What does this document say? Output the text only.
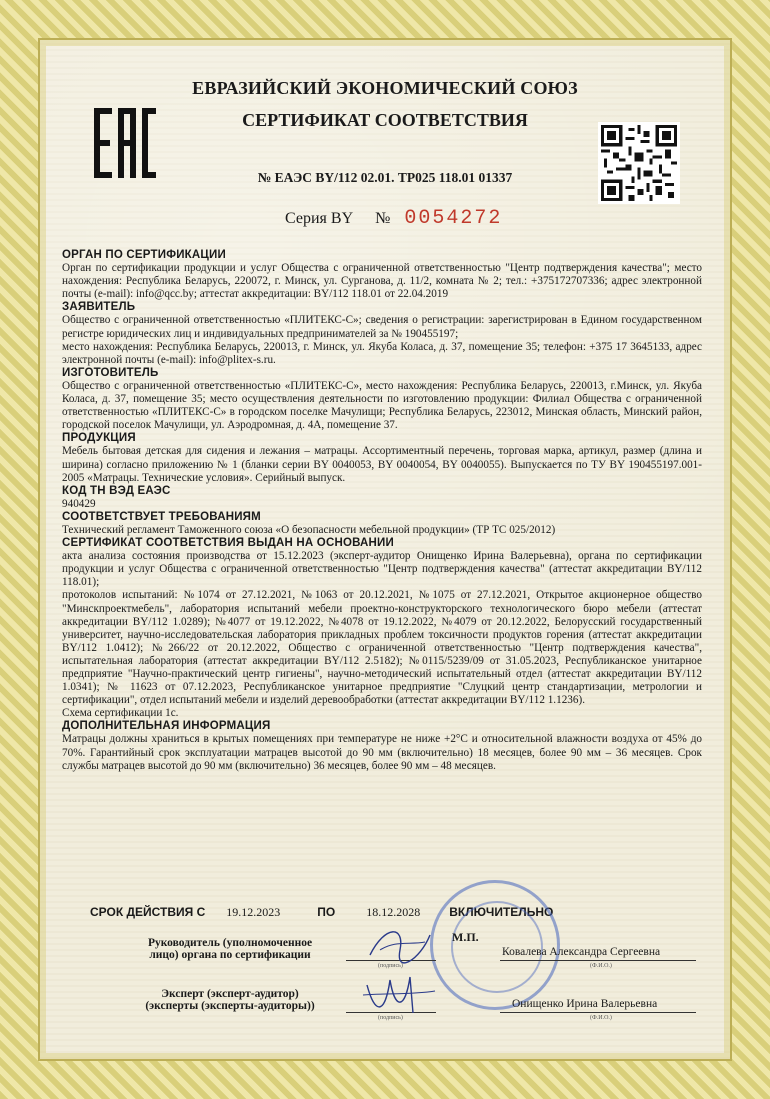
ЕВРАЗИЙСКИЙ ЭКОНОМИЧЕСКИЙ СОЮЗ
СЕРТИФИКАТ СООТВЕТСТВИЯ
№ ЕАЭС BY/112 02.01. ТР025 118.01 01337
Серия BY № 0054272
ОРГАН ПО СЕРТИФИКАЦИИ

Орган по сертификации продукции и услуг Общества с ограниченной ответственностью "Центр подтверждения качества"; место нахождения: Республика Беларусь, 220072, г. Минск, ул. Сурганова, д. 11/2, комната № 2; тел.: +375172707336; адрес электронной почты (e-mail): info@qcc.by; аттестат аккредитации: BY/112 118.01 от 22.04.2019

ЗАЯВИТЕЛЬ

Общество с ограниченной ответственностью «ПЛИТЕКС-С»; сведения о регистрации: зарегистрирован в Едином государственном регистре юридических лиц и индивидуальных предпринимателей за № 190455197;

место нахождения: Республика Беларусь, 220013, г. Минск, ул. Якуба Коласа, д. 37, помещение 35; телефон: +375 17 3645133, адрес электронной почты (e-mail): info@plitex-s.ru.

ИЗГОТОВИТЕЛЬ

Общество с ограниченной ответственностью «ПЛИТЕКС-С», место нахождения: Республика Беларусь, 220013, г.Минск, ул. Якуба Коласа, д. 37, помещение 35; место осуществления деятельности по изготовлению продукции: Филиал Общества с ограниченной ответственностью «ПЛИТЕКС-С» в городском поселке Мачулищи; Республика Беларусь, 223012, Минская область, Минский район, городской поселок Мачулищи, ул. Аэродромная, д. 4А, помещение 37.

ПРОДУКЦИЯ

Мебель бытовая детская для сидения и лежания – матрацы. Ассортиментный перечень, торговая марка, артикул, размер (длина и ширина) согласно приложению № 1 (бланки серии BY 0040053, BY 0040054, BY 0040055). Выпускается по ТУ BY 190455197.001-2005 «Матрацы. Технические условия». Серийный выпуск.

КОД ТН ВЭД ЕАЭС

940429

СООТВЕТСТВУЕТ ТРЕБОВАНИЯМ

Технический регламент Таможенного союза «О безопасности мебельной продукции» (ТР ТС 025/2012)

СЕРТИФИКАТ СООТВЕТСТВИЯ ВЫДАН НА ОСНОВАНИИ

акта анализа состояния производства от 15.12.2023 (эксперт-аудитор Онищенко Ирина Валерьевна), органа по сертификации продукции и услуг Общества с ограниченной ответственностью "Центр подтверждения качества" (аттестат аккредитации BY/112 118.01);

протоколов испытаний: №1074 от 27.12.2021, №1063 от 20.12.2021, №1075 от 27.12.2021, Открытое акционерное общество "Минскпроектмебель", лаборатория испытаний мебели проектно-конструкторского технологического бюро мебели (аттестат аккредитации BY/112 1.0289); №4077 от 19.12.2022, №4078 от 19.12.2022, №4079 от 20.12.2022, Белорусский государственный университет, научно-исследовательская лаборатория прикладных проблем токсичности продуктов горения (аттестат аккредитации BY/112 1.0412); №266/22 от 20.12.2022, Общество с ограниченной ответственностью "Центр подтверждения качества", испытательная лаборатория (аттестат аккредитации BY/112 2.5182); №0115/5239/09 от 31.05.2023, Республиканское унитарное предприятие "Научно-практический центр гигиены", научно-методический испытательный отдел (аттестат аккредитации BY/112 1.0341); № 11623 от 07.12.2023, Республиканское унитарное предприятие "Слуцкий центр стандартизации, метрологии и сертификации", отдел испытаний мебели и изделий деревообработки (аттестат аккредитации BY/112 1.1236).

Схема сертификации 1с.

ДОПОЛНИТЕЛЬНАЯ ИНФОРМАЦИЯ

Матрацы должны храниться в крытых помещениях при температуре не ниже +2°С и относительной влажности воздуха от 45% до 70%. Гарантийный срок эксплуатации матрацев высотой до 90 мм (включительно) 18 месяцев, более 90 мм – 36 месяцев. Срок службы матрацев высотой до 90 мм (включительно) 36 месяцев, более 90 мм – 48 месяцев.

СРОК ДЕЙСТВИЯ С 19.12.2023	ПО	18.12.2028 ВКЛЮЧИТЕЛЬНО
Руководитель (уполномоченное
лицо) органа по сертификации
М.П.
(подпись)
Ковалева Александра Сергеевна
(Ф.И.О.)
Эксперт (эксперт-аудитор)
(эксперты (эксперты-аудиторы))
(подпись)
Онищенко Ирина Валерьевна
(Ф.И.О.)
